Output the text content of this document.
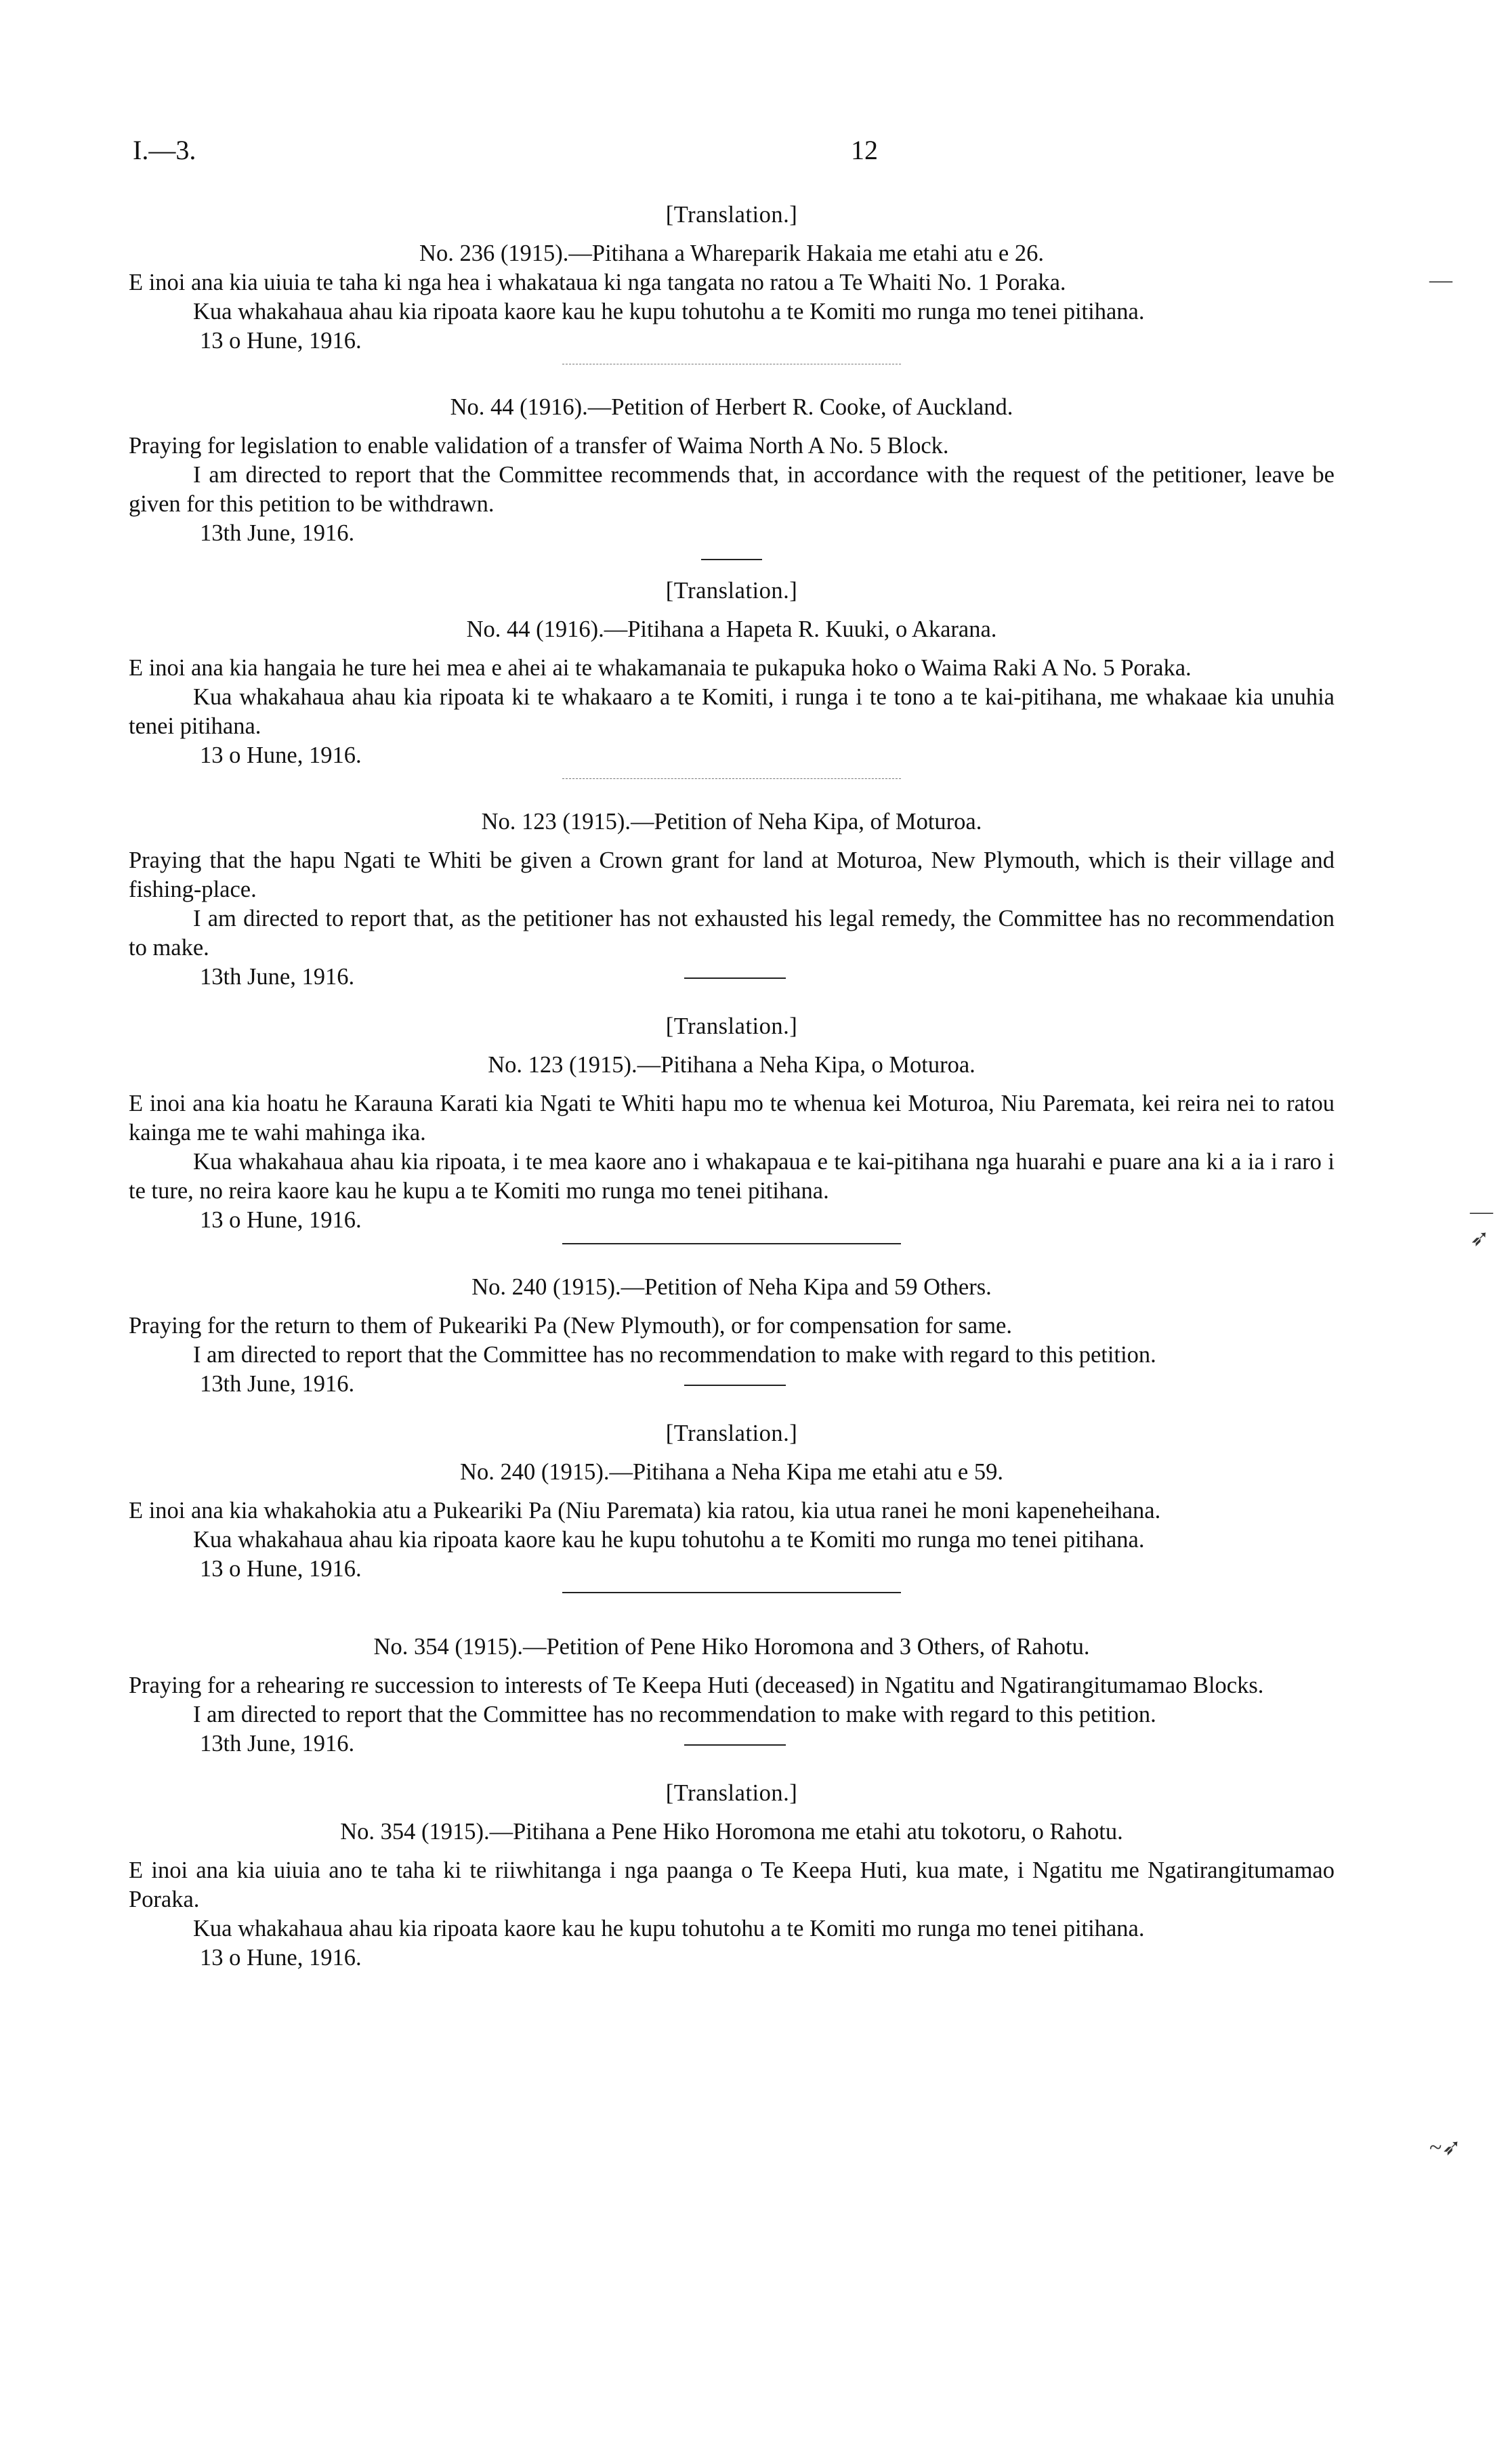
I.—3.	12

[Translation.]

No. 236 (1915).—Pitihana a Whareparik Hakaia me etahi atu e 26.

E inoi ana kia uiuia te taha ki nga hea i whakataua ki nga tangata no ratou a Te Whaiti No. 1 Poraka.

Kua whakahaua ahau kia ripoata kaore kau he kupu tohutohu a te Komiti mo runga mo tenei pitihana.

13 o Hune, 1916.

No. 44 (1916).—Petition of Herbert R. Cooke, of Auckland.

Praying for legislation to enable validation of a transfer of Waima North A No. 5 Block.

I am directed to report that the Committee recommends that, in accordance with the request of the petitioner, leave be given for this petition to be withdrawn.

13th June, 1916.

[Translation.]

No. 44 (1916).—Pitihana a Hapeta R. Kuuki, o Akarana.

E inoi ana kia hangaia he ture hei mea e ahei ai te whakamanaia te pukapuka hoko o Waima Raki A No. 5 Poraka.

Kua whakahaua ahau kia ripoata ki te whakaaro a te Komiti, i runga i te tono a te kai-pitihana, me whakaae kia unuhia tenei pitihana.

13 o Hune, 1916.

No. 123 (1915).—Petition of Neha Kipa, of Moturoa.

Praying that the hapu Ngati te Whiti be given a Crown grant for land at Moturoa, New Plymouth, which is their village and fishing-place.

I am directed to report that, as the petitioner has not exhausted his legal remedy, the Committee has no recommendation to make.

13th June, 1916.

[Translation.]

No. 123 (1915).—Pitihana a Neha Kipa, o Moturoa.

E inoi ana kia hoatu he Karauna Karati kia Ngati te Whiti hapu mo te whenua kei Moturoa, Niu Paremata, kei reira nei to ratou kainga me te wahi mahinga ika.

Kua whakahaua ahau kia ripoata, i te mea kaore ano i whakapaua e te kai-pitihana nga huarahi e puare ana ki a ia i raro i te ture, no reira kaore kau he kupu a te Komiti mo runga mo tenei pitihana.

13 o Hune, 1916.

No. 240 (1915).—Petition of Neha Kipa and 59 Others.

Praying for the return to them of Pukeariki Pa (New Plymouth), or for compensation for same.

I am directed to report that the Committee has no recommendation to make with regard to this petition.

13th June, 1916.

[Translation.]

No. 240 (1915).—Pitihana a Neha Kipa me etahi atu e 59.

E inoi ana kia whakahokia atu a Pukeariki Pa (Niu Paremata) kia ratou, kia utua ranei he moni kapeneheihana.

Kua whakahaua ahau kia ripoata kaore kau he kupu tohutohu a te Komiti mo runga mo tenei pitihana.

13 o Hune, 1916.

No. 354 (1915).—Petition of Pene Hiko Horomona and 3 Others, of Rahotu.

Praying for a rehearing re succession to interests of Te Keepa Huti (deceased) in Ngatitu and Ngatirangitumamao Blocks.

I am directed to report that the Committee has no recommendation to make with regard to this petition.

13th June, 1916.

[Translation.]

No. 354 (1915).—Pitihana a Pene Hiko Horomona me etahi atu tokotoru, o Rahotu.

E inoi ana kia uiuia ano te taha ki te riiwhitanga i nga paanga o Te Keepa Huti, kua mate, i Ngatitu me Ngatirangitumamao Poraka.

Kua whakahaua ahau kia ripoata kaore kau he kupu tohutohu a te Komiti mo runga mo tenei pitihana.

13 o Hune, 1916.

—
—➶
~➶
